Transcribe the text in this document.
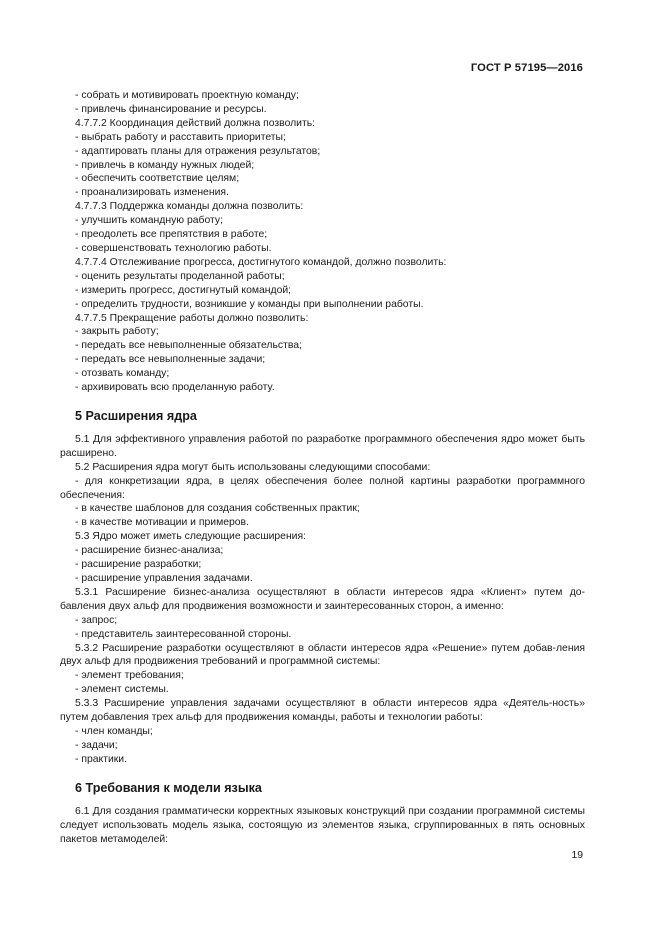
ГОСТ Р 57195—2016

- собрать и мотивировать проектную команду;

- привлечь финансирование и ресурсы.

4.7.7.2 Координация действий должна позволить:

- выбрать работу и расставить приоритеты;

- адаптировать планы для отражения результатов;

- привлечь в команду нужных людей;

- обеспечить соответствие целям;

- проанализировать изменения.

4.7.7.3 Поддержка команды должна позволить:

- улучшить командную работу;

- преодолеть все препятствия в работе;

- совершенствовать технологию работы.

4.7.7.4 Отслеживание прогресса, достигнутого командой, должно позволить:

- оценить результаты проделанной работы;

- измерить прогресс, достигнутый командой;

- определить трудности, возникшие у команды при выполнении работы.

4.7.7.5 Прекращение работы должно позволить:

- закрыть работу;

- передать все невыполненные обязательства;

- передать все невыполненные задачи;

- отозвать команду;

- архивировать всю проделанную работу.

5 Расширения ядра

5.1 Для эффективного управления работой по разработке программного обеспечения ядро может быть расширено.

5.2 Расширения ядра могут быть использованы следующими способами:

- для конкретизации ядра, в целях обеспечения более полной картины разработки программного обеспечения:

- в качестве шаблонов для создания собственных практик;

- в качестве мотивации и примеров.

5.3 Ядро может иметь следующие расширения:

- расширение бизнес-анализа;

- расширение разработки;

- расширение управления задачами.

5.3.1 Расширение бизнес-анализа осуществляют в области интересов ядра «Клиент» путем до-бавления двух альф для продвижения возможности и заинтересованных сторон, а именно:

- запрос;

- представитель заинтересованной стороны.

5.3.2 Расширение разработки осуществляют в области интересов ядра «Решение» путем добав-ления двух альф для продвижения требований и программной системы:

- элемент требования;

- элемент системы.

5.3.3 Расширение управления задачами осуществляют в области интересов ядра «Деятель-ность» путем добавления трех альф для продвижения команды, работы и технологии работы:

- член команды;

- задачи;

- практики.

6 Требования к модели языка

6.1 Для создания грамматически корректных языковых конструкций при создании программной системы следует использовать модель языка, состоящую из элементов языка, сгруппированных в пять основных пакетов метамоделей:

19
